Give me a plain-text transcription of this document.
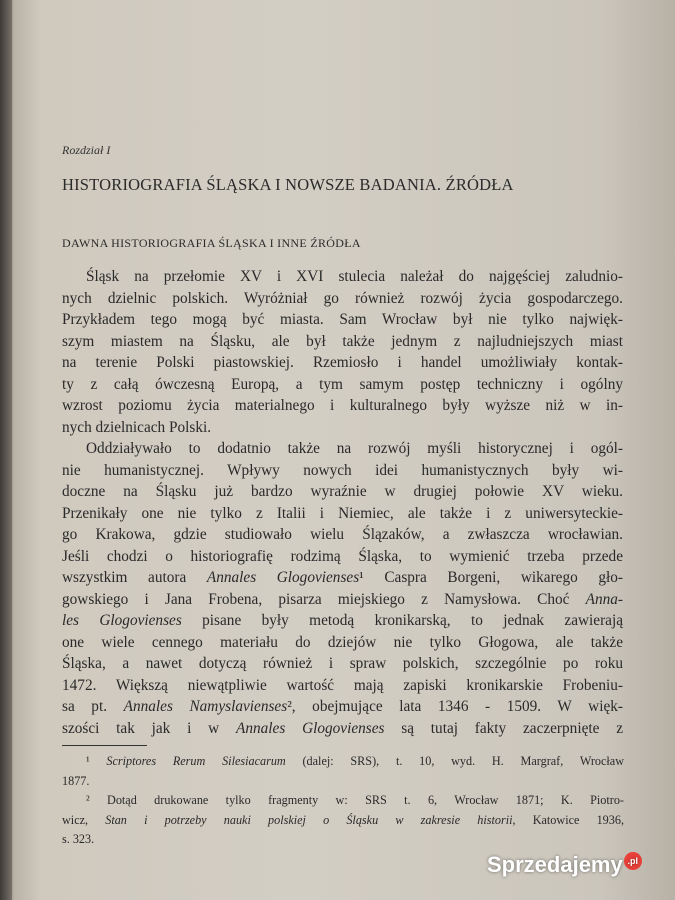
Rozdział I
HISTORIOGRAFIA ŚLĄSKA I NOWSZE BADANIA. ŹRÓDŁA
DAWNA HISTORIOGRAFIA ŚLĄSKA I INNE ŹRÓDŁA
Śląsk na przełomie XV i XVI stulecia należał do najgęściej zaludnio-
nych dzielnic polskich. Wyróżniał go również rozwój życia gospodarczego.
Przykładem tego mogą być miasta. Sam Wrocław był nie tylko najwięk-
szym miastem na Śląsku, ale był także jednym z najludniejszych miast
na terenie Polski piastowskiej. Rzemiosło i handel umożliwiały kontak-
ty z całą ówczesną Europą, a tym samym postęp techniczny i ogólny
wzrost poziomu życia materialnego i kulturalnego były wyższe niż w in-
nych dzielnicach Polski.
Oddziaływało to dodatnio także na rozwój myśli historycznej i ogól-
nie humanistycznej. Wpływy nowych idei humanistycznych były wi-
doczne na Śląsku już bardzo wyraźnie w drugiej połowie XV wieku.
Przenikały one nie tylko z Italii i Niemiec, ale także i z uniwersyteckie-
go Krakowa, gdzie studiowało wielu Ślązaków, a zwłaszcza wrocławian.
Jeśli chodzi o historiografię rodzimą Śląska, to wymienić trzeba przede
wszystkim autora Annales Glogovienses¹ Caspra Borgeni, wikarego gło-
gowskiego i Jana Frobena, pisarza miejskiego z Namysłowa. Choć Anna-
les Glogovienses pisane były metodą kronikarską, to jednak zawierają
one wiele cennego materiału do dziejów nie tylko Głogowa, ale także
Śląska, a nawet dotyczą również i spraw polskich, szczególnie po roku
1472. Większą niewątpliwie wartość mają zapiski kronikarskie Frobeniu-
sa pt. Annales Namyslavienses², obejmujące lata 1346 - 1509. W więk-
szości tak jak i w Annales Glogovienses są tutaj fakty zaczerpnięte z
¹ Scriptores Rerum Silesiacarum (dalej: SRS), t. 10, wyd. H. Margraf, Wrocław
1877.
² Dotąd drukowane tylko fragmenty w: SRS t. 6, Wrocław 1871; K. Piotro-
wicz, Stan i potrzeby nauki polskiej o Śląsku w zakresie historii, Katowice 1936,
s. 323.
Sprzedajemy .pl
